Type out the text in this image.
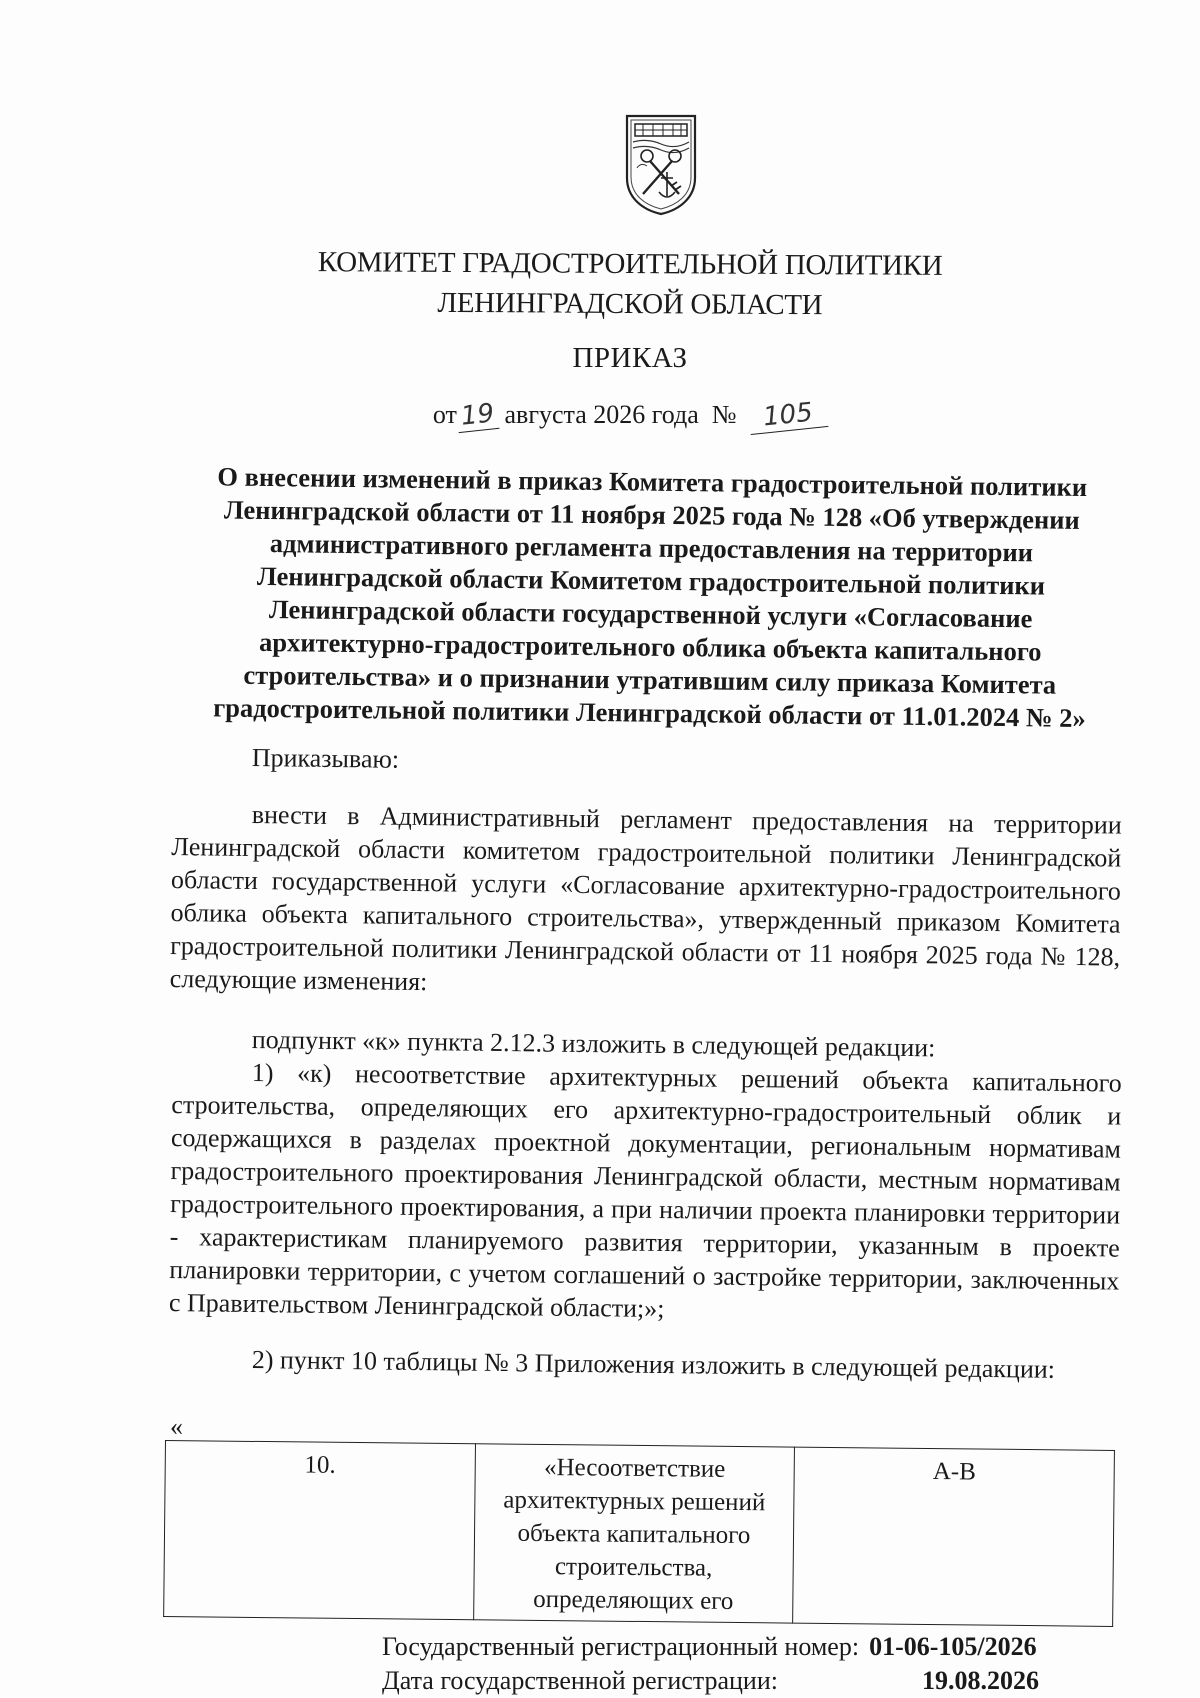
КОМИТЕТ ГРАДОСТРОИТЕЛЬНОЙ ПОЛИТИКИ
ЛЕНИНГРАДСКОЙ ОБЛАСТИ
ПРИКАЗ
от19 августа 2026 года № 105
О внесении изменений в приказ Комитета градостроительной политики Ленинградской области от 11 ноября 2025 года № 128 «Об утверждении административного регламента предоставления на территории Ленинградской области Комитетом градостроительной политики Ленинградской области государственной услуги «Согласование архитектурно-градостроительного облика объекта капитального строительства» и о признании утратившим силу приказа Комитета градостроительной политики Ленинградской области от 11.01.2024 № 2»

Приказываю:

внести в Административный регламент предоставления на территории Ленинградской области комитетом градостроительной политики Ленинградской области государственной услуги «Согласование архитектурно-градостроительного облика объекта капитального строительства», утвержденный приказом Комитета градостроительной политики Ленинградской области от 11 ноября 2025 года № 128, следующие изменения:

подпункт «к» пункта 2.12.3 изложить в следующей редакции:

1) «к) несоответствие архитектурных решений объекта капитального строительства, определяющих его архитектурно-градостроительный облик и содержащихся в разделах проектной документации, региональным нормативам градостроительного проектирования Ленинградской области, местным нормативам градостроительного проектирования, а при наличии проекта планировки территории - характеристикам планируемого развития территории, указанным в проекте планировки территории, с учетом соглашений о застройке территории, заключенных с Правительством Ленинградской области;»;

2) пункт 10 таблицы № 3 Приложения изложить в следующей редакции:

«
10.	«Несоответствие архитектурных решений объекта капитального строительства, определяющих его	А-В
Государственный регистрационный номер: 01-06-105/2026
Дата государственной регистрации:	19.08.2026
